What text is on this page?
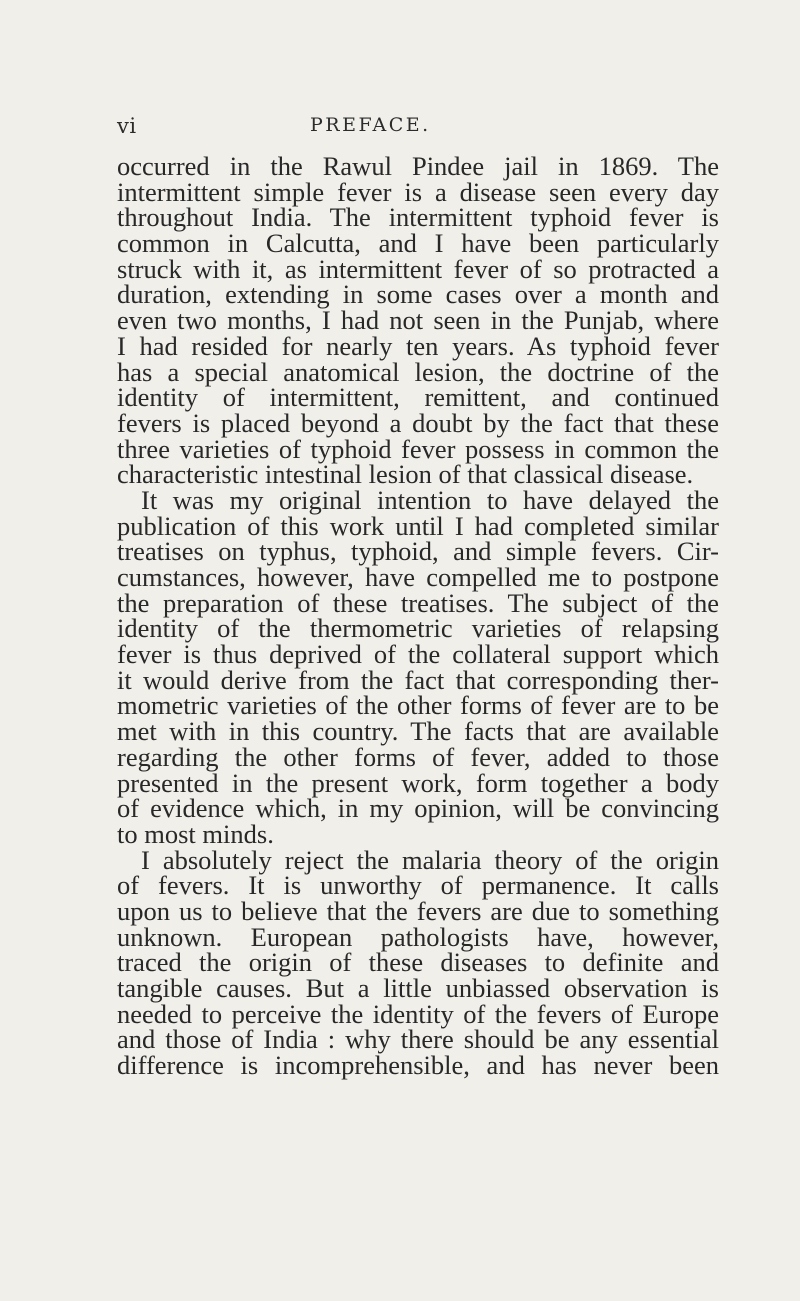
vi	PREFACE.
occurred in the Rawul Pindee jail in 1869. The
intermittent simple fever is a disease seen every day
throughout India. The intermittent typhoid fever is
common in Calcutta, and I have been particularly
struck with it, as intermittent fever of so protracted a
duration, extending in some cases over a month and
even two months, I had not seen in the Punjab, where
I had resided for nearly ten years. As typhoid fever
has a special anatomical lesion, the doctrine of the
identity of intermittent, remittent, and continued
fevers is placed beyond a doubt by the fact that these
three varieties of typhoid fever possess in common the
characteristic intestinal lesion of that classical disease.
It was my original intention to have delayed the
publication of this work until I had completed similar
treatises on typhus, typhoid, and simple fevers. Cir-
cumstances, however, have compelled me to postpone
the preparation of these treatises. The subject of the
identity of the thermometric varieties of relapsing
fever is thus deprived of the collateral support which
it would derive from the fact that corresponding ther-
mometric varieties of the other forms of fever are to be
met with in this country. The facts that are available
regarding the other forms of fever, added to those
presented in the present work, form together a body
of evidence which, in my opinion, will be convincing
to most minds.
I absolutely reject the malaria theory of the origin
of fevers. It is unworthy of permanence. It calls
upon us to believe that the fevers are due to something
unknown. European pathologists have, however,
traced the origin of these diseases to definite and
tangible causes. But a little unbiassed observation is
needed to perceive the identity of the fevers of Europe
and those of India : why there should be any essential
difference is incomprehensible, and has never been
